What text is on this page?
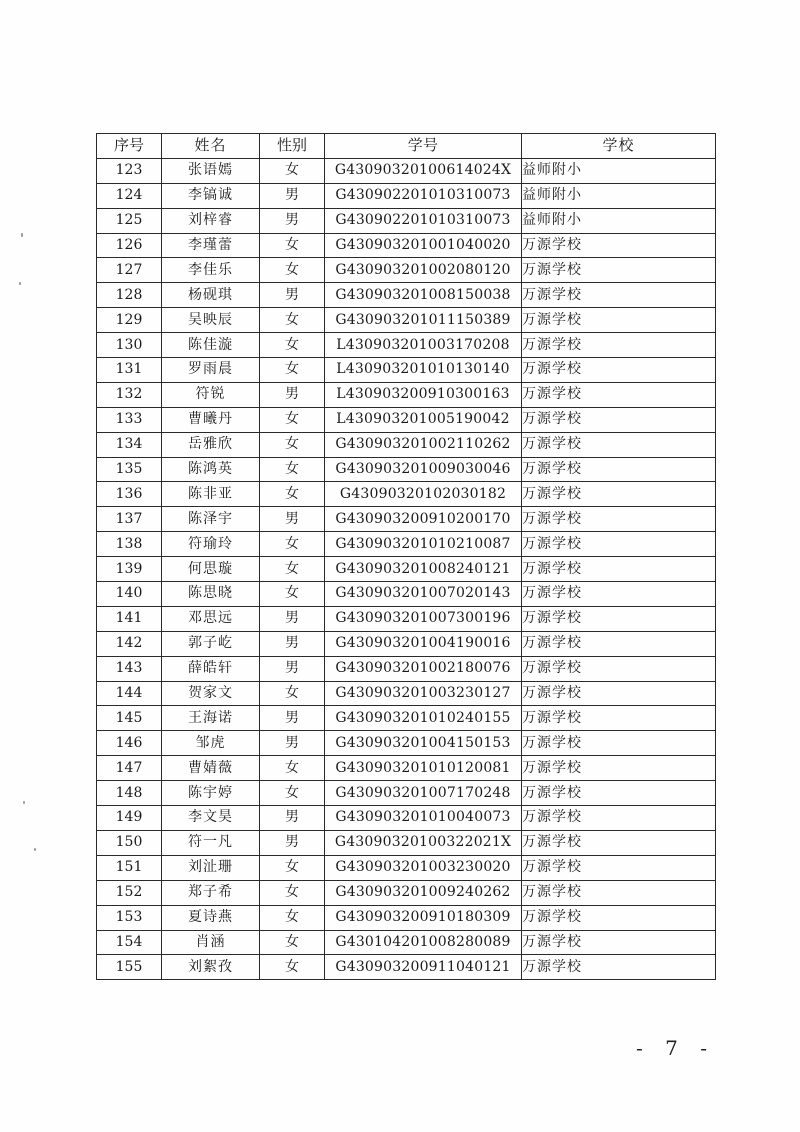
序号	姓名	性别	学号	学校
123	张语嫣	女	G43090320100614024X	益师附小
124	李镐诚	男	G430902201010310073	益师附小
125	刘梓睿	男	G430902201010310073	益师附小
126	李瑾蕾	女	G430903201001040020	万源学校
127	李佳乐	女	G430903201002080120	万源学校
128	杨砚琪	男	G430903201008150038	万源学校
129	吴映辰	女	G430903201011150389	万源学校
130	陈佳漩	女	L430903201003170208	万源学校
131	罗雨晨	女	L430903201010130140	万源学校
132	符锐	男	L430903200910300163	万源学校
133	曹曦丹	女	L430903201005190042	万源学校
134	岳雅欣	女	G430903201002110262	万源学校
135	陈鸿英	女	G430903201009030046	万源学校
136	陈非亚	女	G43090320102030182	万源学校
137	陈泽宇	男	G430903200910200170	万源学校
138	符瑜玲	女	G430903201010210087	万源学校
139	何思璇	女	G430903201008240121	万源学校
140	陈思晓	女	G430903201007020143	万源学校
141	邓思远	男	G430903201007300196	万源学校
142	郭子屹	男	G430903201004190016	万源学校
143	薛皓轩	男	G430903201002180076	万源学校
144	贺家文	女	G430903201003230127	万源学校
145	王海诺	男	G430903201010240155	万源学校
146	邹虎	男	G430903201004150153	万源学校
147	曹婧薇	女	G430903201010120081	万源学校
148	陈宇婷	女	G430903201007170248	万源学校
149	李文昊	男	G430903201010040073	万源学校
150	符一凡	男	G43090320100322021X	万源学校
151	刘沚珊	女	G430903201003230020	万源学校
152	郑子希	女	G430903201009240262	万源学校
153	夏诗燕	女	G430903200910180309	万源学校
154	肖涵	女	G430104201008280089	万源学校
155	刘絮孜	女	G430903200911040121	万源学校
- 7 -
